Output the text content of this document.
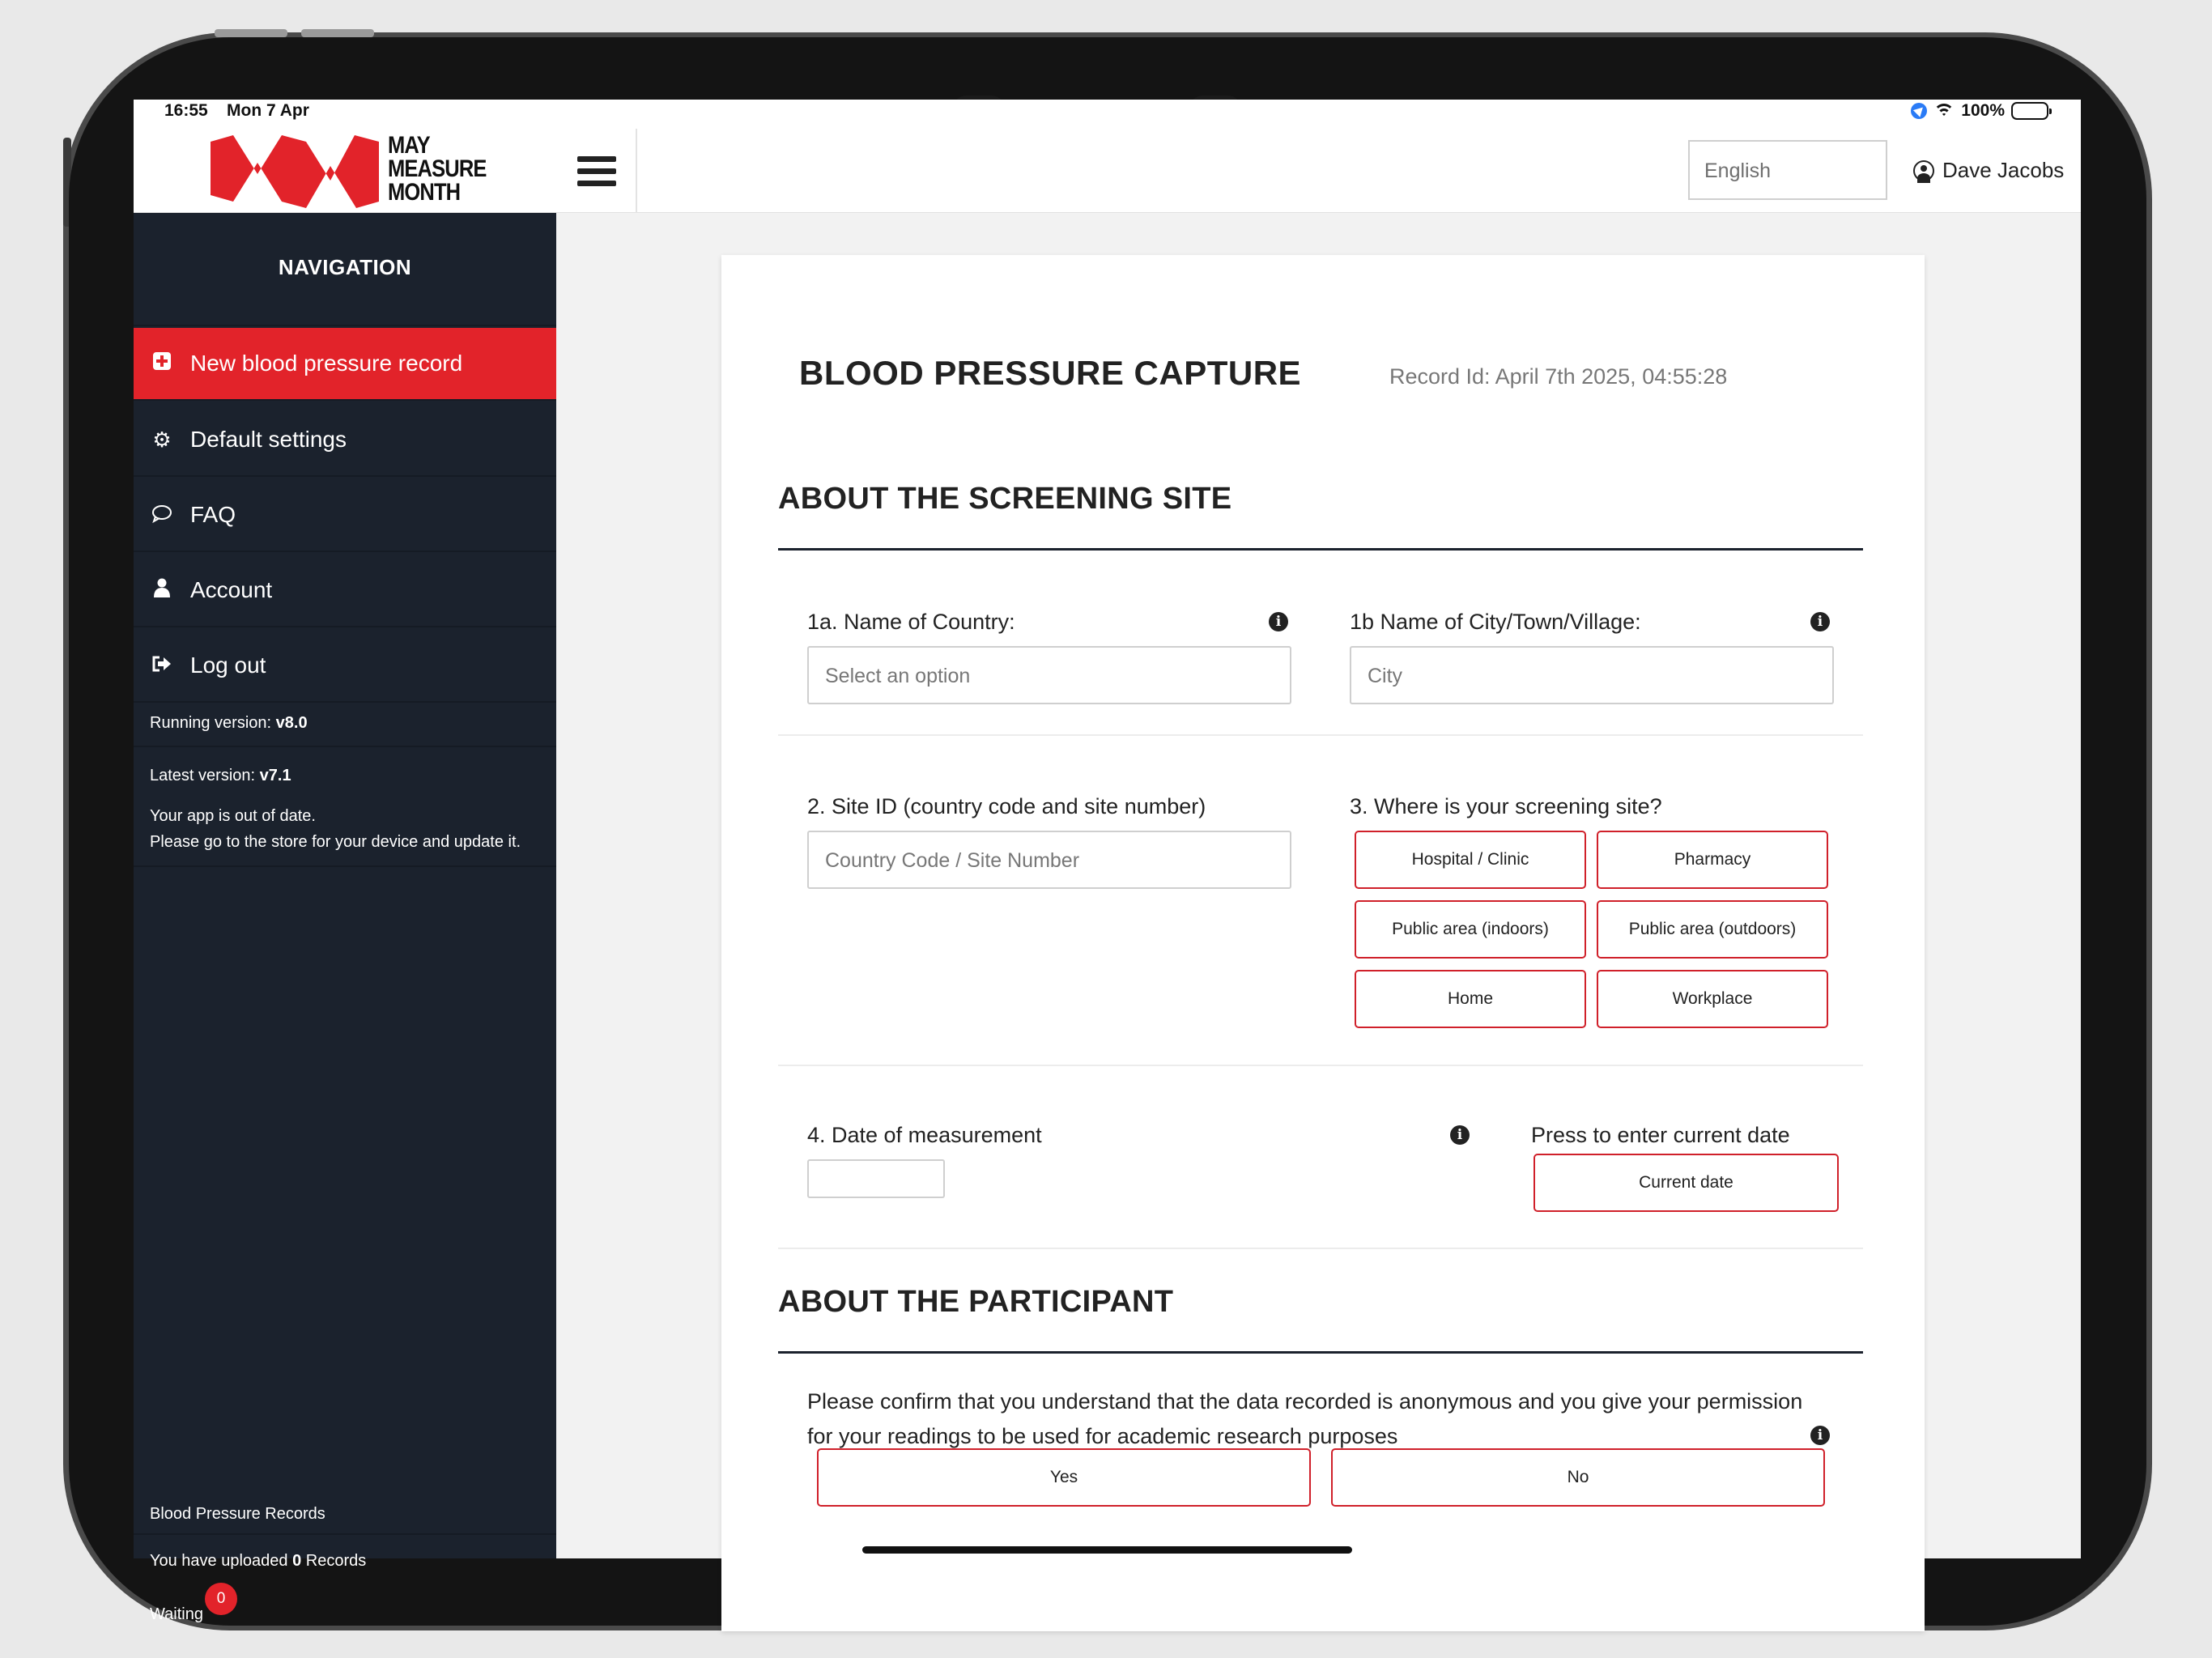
16:55 Mon 7 Apr	100%
MAY
MEASURE
MONTH
English	Dave Jacobs
NAVIGATION
New blood pressure record
⚙ Default settings
FAQ
Account
Log out
Running version: v8.0
Latest version: v7.1
Your app is out of date.
Please go to the store for your device and update it.
Blood Pressure Records
You have uploaded 0 Records
Waiting
0
BLOOD PRESSURE CAPTURE	Record Id: April 7th 2025, 04:55:28
ABOUT THE SCREENING SITE
1a. Name of Country:	i
Select an option
1b Name of City/Town/Village:	i
City
2. Site ID (country code and site number)
Country Code / Site Number
3. Where is your screening site?
Hospital / Clinic	Pharmacy
Public area (indoors)	Public area (outdoors)
Home	Workplace
4. Date of measurement	i	Press to enter current date
Current date
ABOUT THE PARTICIPANT
Please confirm that you understand that the data recorded is anonymous and you give your permission for your readings to be used for academic research purposes	i
Yes	No
